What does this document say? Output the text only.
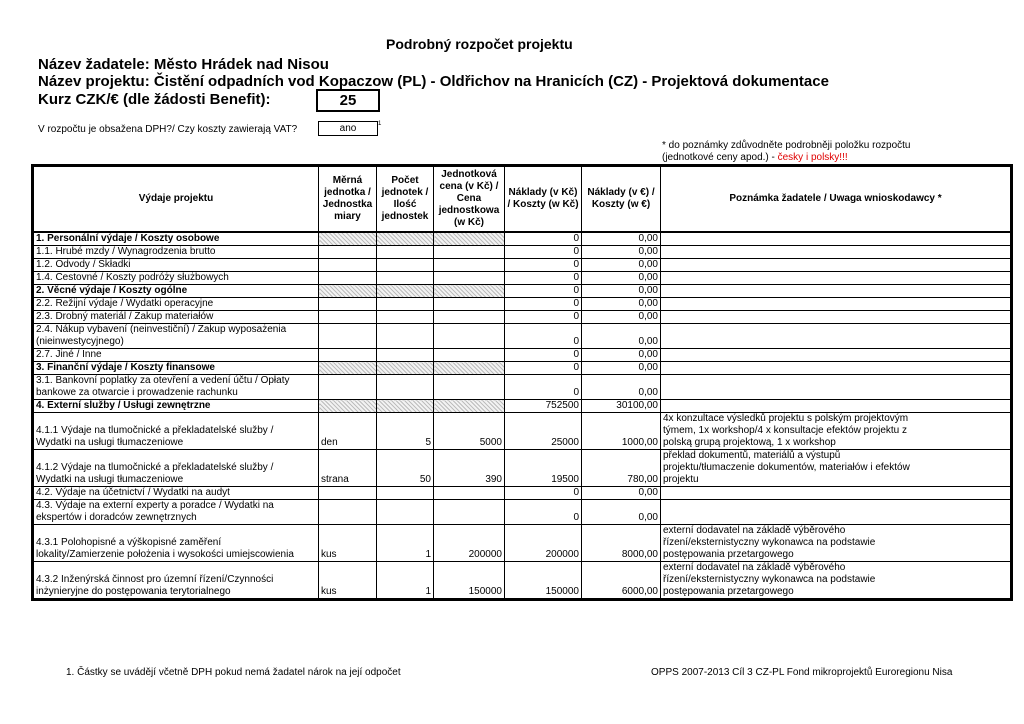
Podrobný rozpočet projektu
Název žadatele: Město Hrádek nad Nisou
Název projektu: Čistění odpadních vod Kopaczow (PL) - Oldřichov na Hranicích (CZ) - Projektová dokumentace
Kurz CZK/€ (dle žádosti Benefit):	25
V rozpočtu je obsažena DPH?/ Czy koszty zawierają VAT?	ano	1
* do poznámky zdůvodněte podrobněji položku rozpočtu
(jednotkové ceny apod.) - česky i polsky!!!
Výdaje projektu	Měrná jednotka / Jednostka miary	Počet jednotek / Ilość jednostek	Jednotková cena (v Kč) / Cena jednostkowa (w Kč)	Náklady (v Kč) / Koszty (w Kč)	Náklady (v €) / Koszty (w €)	Poznámka žadatele / Uwaga wnioskodawcy *
1. Personální výdaje / Koszty osobowe				0	0,00	
1.1. Hrubé mzdy / Wynagrodzenia brutto				0	0,00	
1.2. Odvody / Składki				0	0,00	
1.4. Cestovné / Koszty podróży służbowych				0	0,00	
2. Věcné výdaje / Koszty ogólne				0	0,00	
2.2. Režijní výdaje / Wydatki operacyjne				0	0,00	
2.3. Drobný materiál / Zakup materiałów				0	0,00	
2.4. Nákup vybavení (neinvestiční) / Zakup wyposażenia
(nieinwestycyjnego)				0	0,00	
2.7. Jiné / Inne				0	0,00	
3. Finanční výdaje / Koszty finansowe				0	0,00	
3.1. Bankovní poplatky za otevření a vedení účtu / Opłaty
bankowe za otwarcie i prowadzenie rachunku				0	0,00	
4. Externí služby / Usługi zewnętrzne				752500	30100,00	
4.1.1 Výdaje na tlumočnické a překladatelské služby /
Wydatki na usługi tłumaczeniowe	den	5	5000	25000	1000,00	4x konzultace výsledků projektu s polským projektovým
týmem, 1x workshop/4 x konsultacje efektów projektu z
polską grupą projektową, 1 x workshop
4.1.2 Výdaje na tlumočnické a překladatelské služby /
Wydatki na usługi tłumaczeniowe	strana	50	390	19500	780,00	překlad dokumentů, materiálů a výstupů
projektu/tłumaczenie dokumentów, materiałów i efektów
projektu
4.2. Výdaje na účetnictví / Wydatki na audyt				0	0,00	
4.3. Výdaje na externí experty a poradce / Wydatki na
ekspertów i doradców zewnętrznych				0	0,00	
4.3.1 Polohopisné a výškopisné zaměření
lokality/Zamierzenie położenia i wysokości umiejscowienia	kus	1	200000	200000	8000,00	externí dodavatel na základě výběrového
řízení/eksternistyczny wykonawca na podstawie
postępowania przetargowego
4.3.2 Inženýrská činnost pro územní řízení/Czynności
inżynieryjne do postępowania terytorialnego	kus	1	150000	150000	6000,00	externí dodavatel na základě výběrového
řízení/eksternistyczny wykonawca na podstawie
postępowania przetargowego
1. Částky se uvádějí včetně DPH pokud nemá žadatel nárok na její odpočet	OPPS 2007-2013 Cíl 3 CZ-PL Fond mikroprojektů Euroregionu Nisa
